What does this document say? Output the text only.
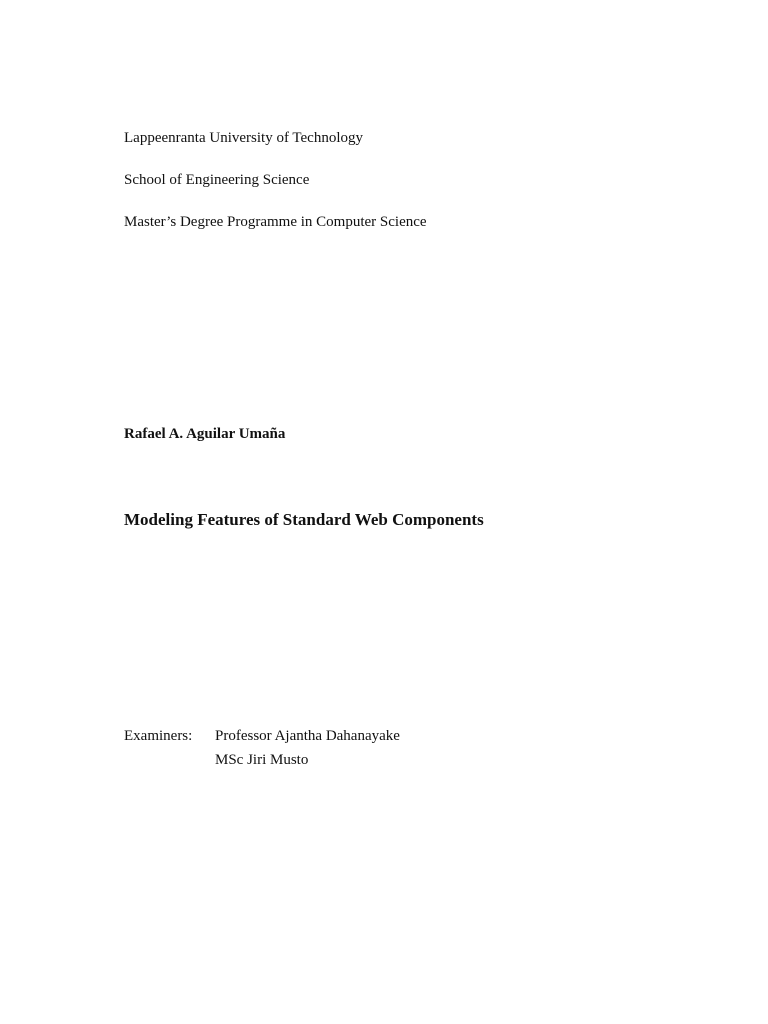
Lappeenranta University of Technology
School of Engineering Science
Master’s Degree Programme in Computer Science
Rafael A. Aguilar Umaña
Modeling Features of Standard Web Components
Examiners: Professor Ajantha Dahanayake
MSc Jiri Musto
